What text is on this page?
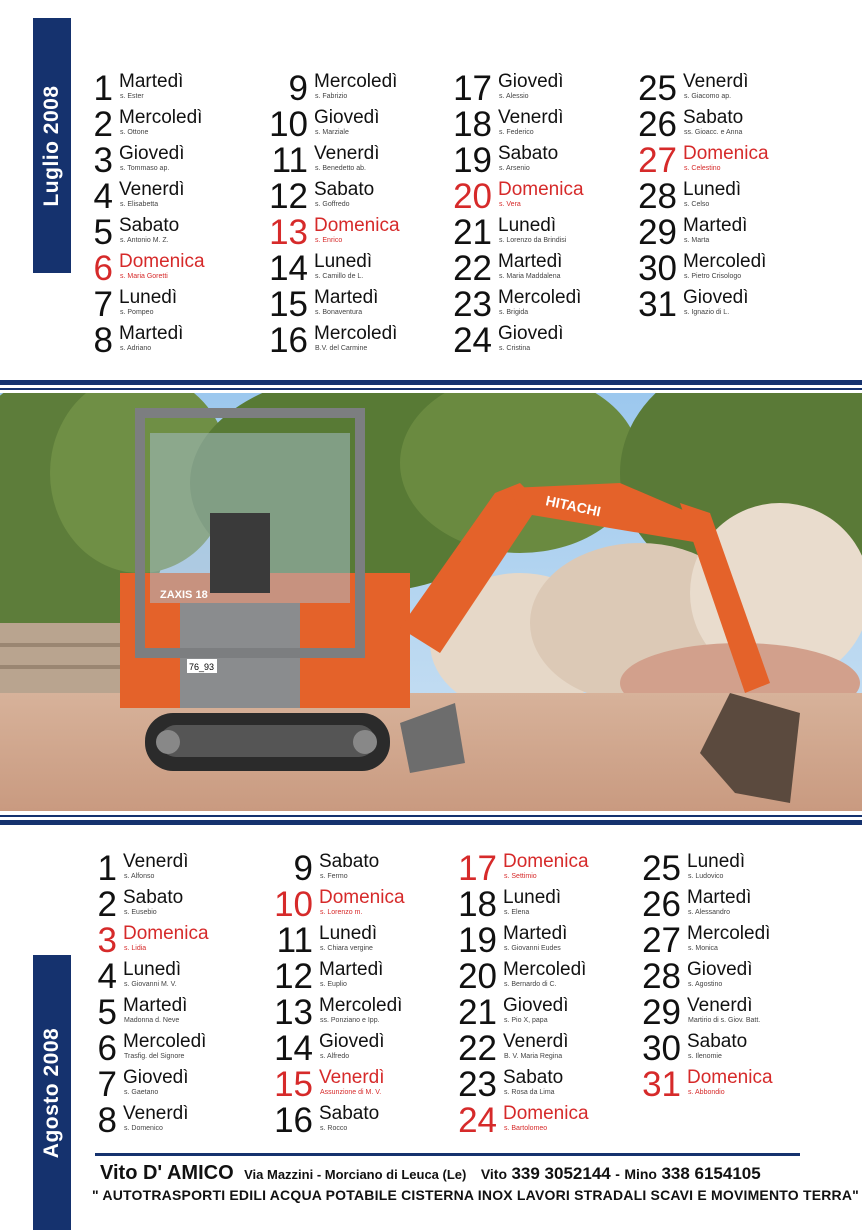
Luglio 2008 1 Martedì
s. Ester
2 Mercoledì
s. Ottone
3 Giovedì
s. Tommaso ap.
4 Venerdì
s. Elisabetta
5 Sabato
s. Antonio M. Z.
6 Domenica
s. Maria Goretti
7 Lunedì
s. Pompeo
8 Martedì
s. Adriano
9 Mercoledì
s. Fabrizio
10 Giovedì
s. Marziale
11 Venerdì
s. Benedetto ab.
12 Sabato
s. Goffredo
13 Domenica
s. Enrico
14 Lunedì
s. Camillo de L.
15 Martedì
s. Bonaventura
16 Mercoledì
B.V. del Carmine
17 Giovedì
s. Alessio
18 Venerdì
s. Federico
19 Sabato
s. Arsenio
20 Domenica
s. Vera
21 Lunedì
s. Lorenzo da Brindisi
22 Martedì
s. Maria Maddalena
23 Mercoledì
s. Brigida
24 Giovedì
s. Cristina
25 Venerdì
s. Giacomo ap.
26 Sabato
ss. Gioacc. e Anna
27 Domenica
s. Celestino
28 Lunedì
s. Celso
29 Martedì
s. Marta
30 Mercoledì
s. Pietro Crisologo
31 Giovedì
s. Ignazio di L.
HITACHI
ZAXIS 18
76_93
1 Venerdì
s. Alfonso
2 Sabato
s. Eusebio
3 Domenica
s. Lidia
4 Lunedì
s. Giovanni M. V.
5 Martedì
Madonna d. Neve
6 Mercoledì
Trasfig. del Signore
7 Giovedì
s. Gaetano
8 Venerdì
s. Domenico
9 Sabato
s. Fermo
10 Domenica
s. Lorenzo m.
11 Lunedì
s. Chiara vergine
12 Martedì
s. Euplio
13 Mercoledì
ss. Ponziano e Ipp.
14 Giovedì
s. Alfredo
15 Venerdì
Assunzione di M. V.
16 Sabato
s. Rocco
17 Domenica
s. Settimio
18 Lunedì
s. Elena
19 Martedì
s. Giovanni Eudes
20 Mercoledì
s. Bernardo di C.
21 Giovedì
s. Pio X, papa
22 Venerdì
B. V. Maria Regina
23 Sabato
s. Rosa da Lima
24 Domenica
s. Bartolomeo
25 Lunedì
s. Ludovico
26 Martedì
s. Alessandro
27 Mercoledì
s. Monica
28 Giovedì
s. Agostino
29 Venerdì
Martirio di s. Giov. Batt.
30 Sabato
s. Ilenomie
31 Domenica
s. Abbondio
Agosto 2008
Vito D' AMICO Via Mazzini - Morciano di Leuca (Le) Vito 339 3052144 - Mino 338 6154105
" AUTOTRASPORTI EDILI ACQUA POTABILE CISTERNA INOX LAVORI STRADALI SCAVI E MOVIMENTO TERRA"
